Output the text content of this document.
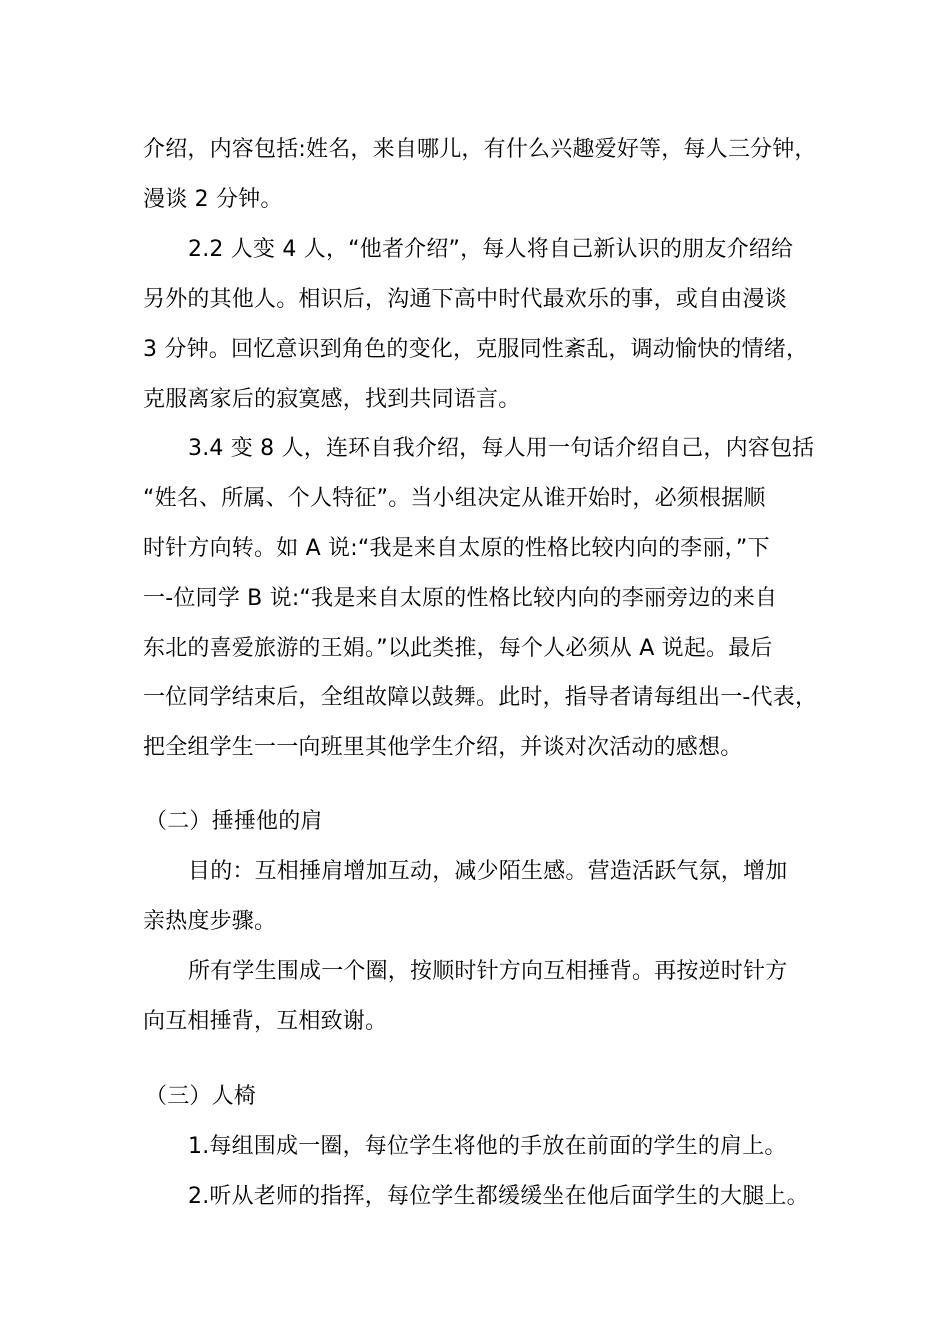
介绍，内容包括:姓名，来自哪儿，有什么兴趣爱好等，每人三分钟，
漫谈 2 分钟。
2.2 人变 4 人，“他者介绍”，每人将自己新认识的朋友介绍给
另外的其他人。相识后，沟通下高中时代最欢乐的事，或自由漫谈
3 分钟。回忆意识到角色的变化，克服同性紊乱，调动愉快的情绪，
克服离家后的寂寞感，找到共同语言。
3.4 变 8 人，连环自我介绍，每人用一句话介绍自己，内容包括
“姓名、所属、个人特征”。当小组决定从谁开始时，必须根据顺
时针方向转。如 A 说:“我是来自太原的性格比较内向的李丽，”下
一-位同学 B 说:“我是来自太原的性格比较内向的李丽旁边的来自
东北的喜爱旅游的王娟。”以此类推，每个人必须从 A 说起。最后
一位同学结束后，全组故障以鼓舞。此时，指导者请每组出一-代表，
把全组学生一一向班里其他学生介绍，并谈对次活动的感想。
（二）捶捶他的肩
目的：互相捶肩增加互动，减少陌生感。营造活跃气氛，增加
亲热度步骤。
所有学生围成一个圈，按顺时针方向互相捶背。再按逆时针方
向互相捶背，互相致谢。
（三）人椅
1.每组围成一圈，每位学生将他的手放在前面的学生的肩上。
2.听从老师的指挥，每位学生都缓缓坐在他后面学生的大腿上。
